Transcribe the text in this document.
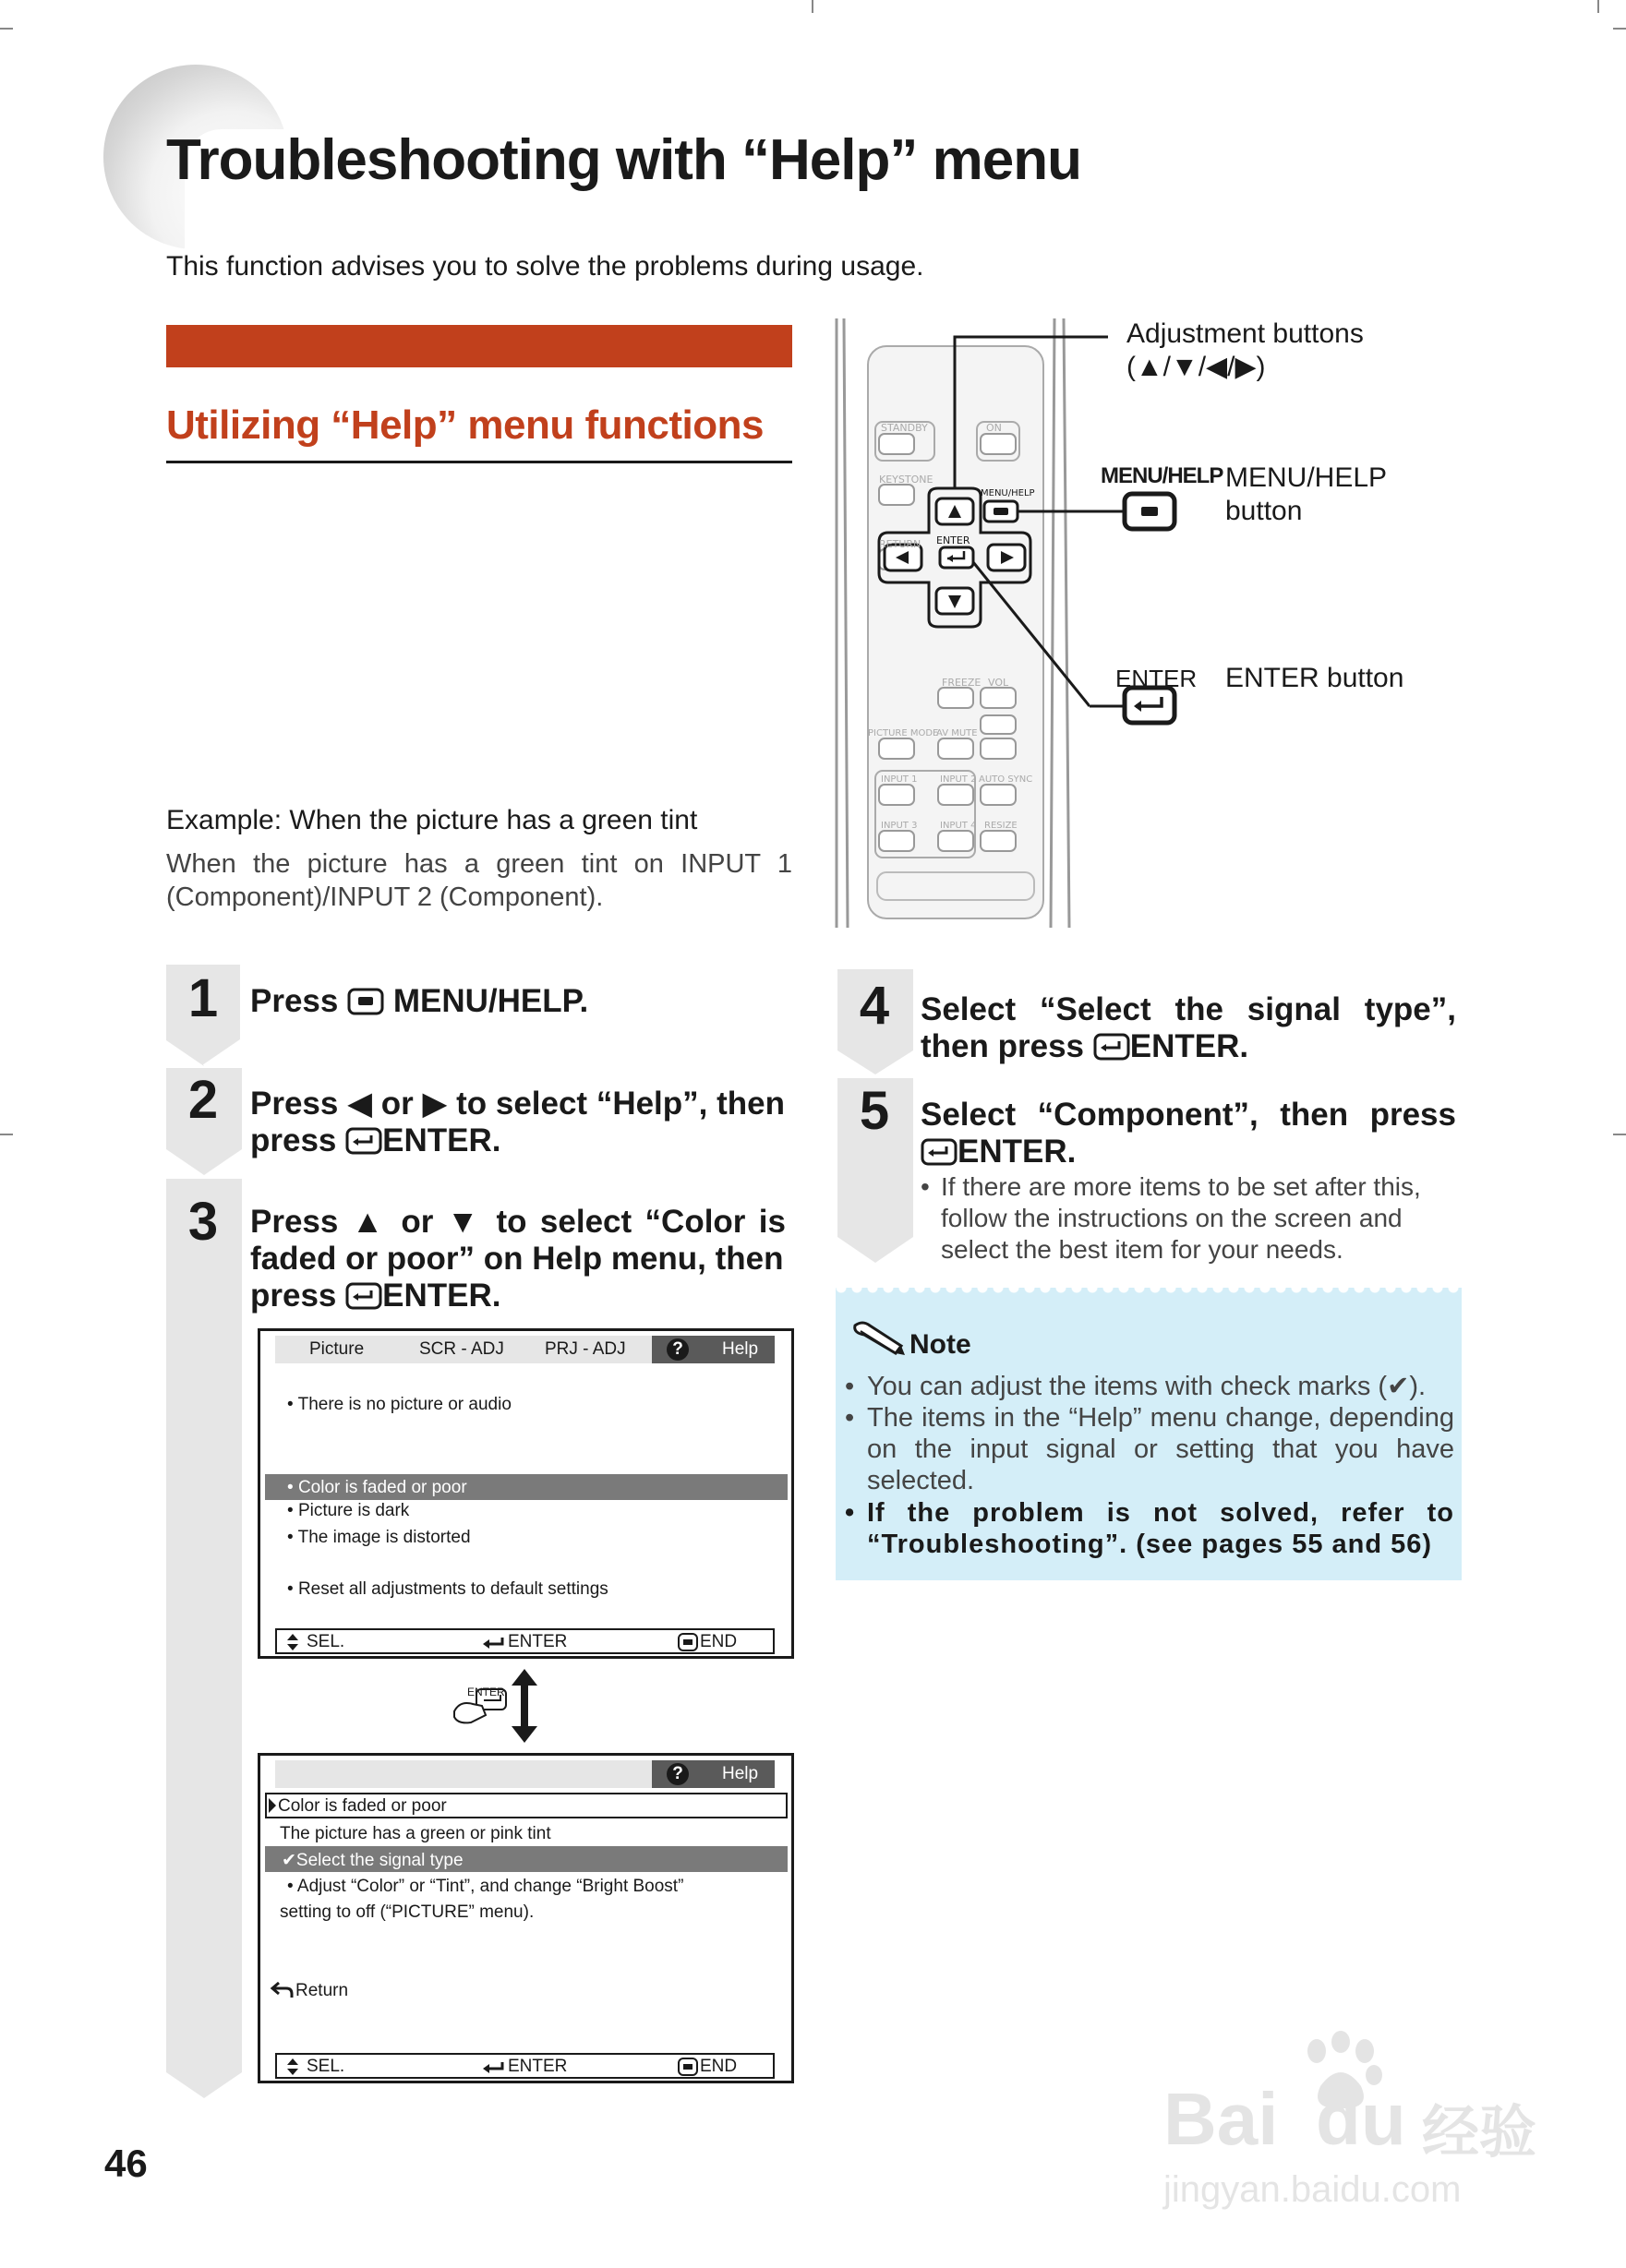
Troubleshooting with “Help” menu
This function advises you to solve the problems during usage.
Utilizing “Help” menu functions
Example: When the picture has a green tint
When the picture has a green tint on INPUT 1 (Component)/INPUT 2 (Component).
STANDBY	ON
KEYSTONE
RETURN
FREEZE VOL
PICTURE MODE
AV MUTE
INPUT 1 INPUT 2 AUTO SYNC
INPUT 3 INPUT 4 RESIZE
MENU/HELP
ENTER
Adjustment buttons
(▲/▼/◀/▶)
MENU/HELP MENU/HELP
button
ENTER ENTER button
1
2
3
Press MENU/HELP.
Press ◀ or ▶ to select “Help”, then
press ENTER.
Press ▲ or ▼ to select “Color is
faded or poor” on Help menu, then
press ENTER.
Picture	SCR - ADJ PRJ - ADJ	?	Help
• There is no picture or audio
• Color is faded or poor
• Picture is dark
• The image is distorted
• Reset all adjustments to default settings
SEL.	ENTER	END
ENTER
?	Help
Color is faded or poor
The picture has a green or pink tint
✔Select the signal type
• Adjust “Color” or “Tint”, and change “Bright Boost”
setting to off (“PICTURE” menu).
Return
SEL.	ENTER	END
4
5
Select “Select the signal type”,
then press ENTER.
Select “Component”, then press
ENTER.
• If there are more items to be set after this, follow the instructions on the screen and select the best item for your needs.
Note
• You can adjust the items with check marks (✔).
• The items in the “Help” menu change, depending on the input signal or setting that you have selected.
• If the problem is not solved, refer to “Troubleshooting”. (see pages 55 and 56)
46
Bai du 经验
jingyan.baidu.com
